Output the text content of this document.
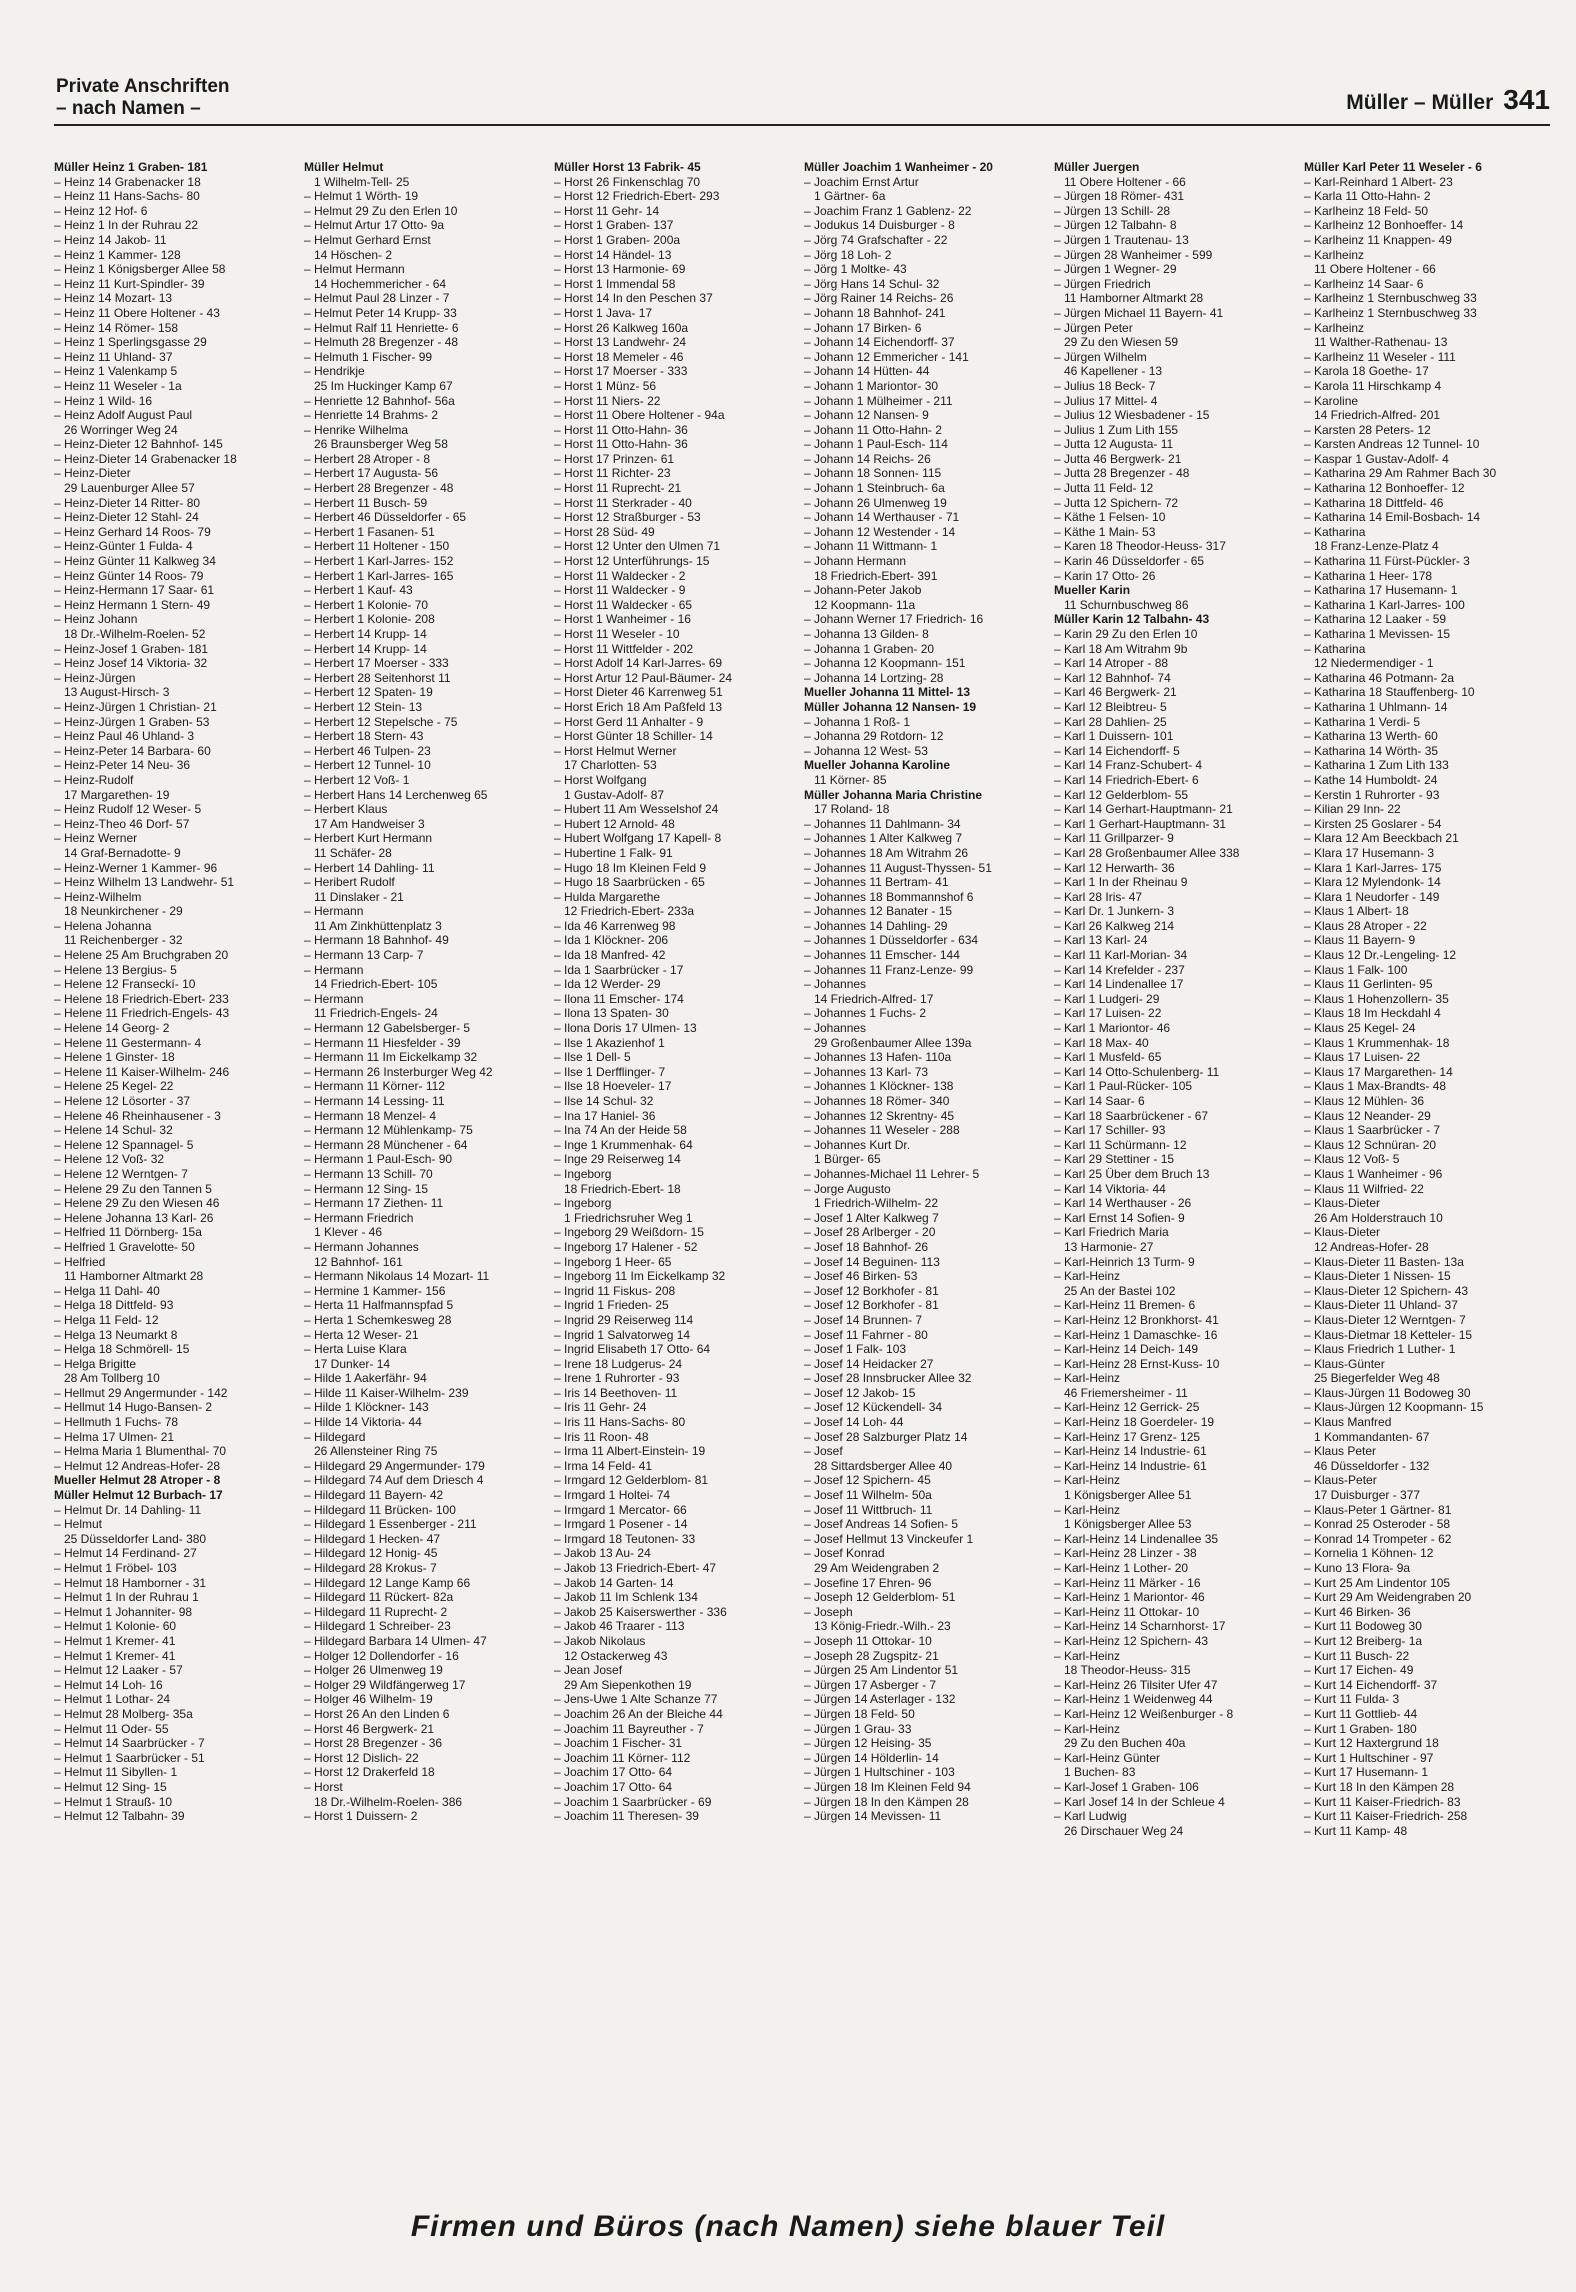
Private Anschriften
– nach Namen –	Müller – Müller 341
Müller Heinz 1 Graben- 181
– Heinz 14 Grabenacker 18
– Heinz 11 Hans-Sachs- 80
– Heinz 12 Hof- 6
– Heinz 1 In der Ruhrau 22
– Heinz 14 Jakob- 11
– Heinz 1 Kammer- 128
– Heinz 1 Königsberger Allee 58
– Heinz 11 Kurt-Spindler- 39
– Heinz 14 Mozart- 13
– Heinz 11 Obere Holtener - 43
– Heinz 14 Römer- 158
– Heinz 1 Sperlingsgasse 29
– Heinz 11 Uhland- 37
– Heinz 1 Valenkamp 5
– Heinz 11 Weseler - 1a
– Heinz 1 Wild- 16
– Heinz Adolf August Paul
26 Worringer Weg 24
– Heinz-Dieter 12 Bahnhof- 145
– Heinz-Dieter 14 Grabenacker 18
– Heinz-Dieter
29 Lauenburger Allee 57
– Heinz-Dieter 14 Ritter- 80
– Heinz-Dieter 12 Stahl- 24
– Heinz Gerhard 14 Roos- 79
– Heinz-Günter 1 Fulda- 4
– Heinz Günter 11 Kalkweg 34
– Heinz Günter 14 Roos- 79
– Heinz-Hermann 17 Saar- 61
– Heinz Hermann 1 Stern- 49
– Heinz Johann
18 Dr.-Wilhelm-Roelen- 52
– Heinz-Josef 1 Graben- 181
– Heinz Josef 14 Viktoria- 32
– Heinz-Jürgen
13 August-Hirsch- 3
– Heinz-Jürgen 1 Christian- 21
– Heinz-Jürgen 1 Graben- 53
– Heinz Paul 46 Uhland- 3
– Heinz-Peter 14 Barbara- 60
– Heinz-Peter 14 Neu- 36
– Heinz-Rudolf
17 Margarethen- 19
– Heinz Rudolf 12 Weser- 5
– Heinz-Theo 46 Dorf- 57
– Heinz Werner
14 Graf-Bernadotte- 9
– Heinz-Werner 1 Kammer- 96
– Heinz Wilhelm 13 Landwehr- 51
– Heinz-Wilhelm
18 Neunkirchener - 29
– Helena Johanna
11 Reichenberger - 32
– Helene 25 Am Bruchgraben 20
– Helene 13 Bergius- 5
– Helene 12 Franseckí- 10
– Helene 18 Friedrich-Ebert- 233
– Helene 11 Friedrich-Engels- 43
– Helene 14 Georg- 2
– Helene 11 Gestermann- 4
– Helene 1 Ginster- 18
– Helene 11 Kaiser-Wilhelm- 246
– Helene 25 Kegel- 22
– Helene 12 Lösorter - 37
– Helene 46 Rheinhausener - 3
– Helene 14 Schul- 32
– Helene 12 Spannagel- 5
– Helene 12 Voß- 32
– Helene 12 Werntgen- 7
– Helene 29 Zu den Tannen 5
– Helene 29 Zu den Wiesen 46
– Helene Johanna 13 Karl- 26
– Helfried 11 Dörnberg- 15a
– Helfried 1 Gravelotte- 50
– Helfried
11 Hamborner Altmarkt 28
– Helga 11 Dahl- 40
– Helga 18 Dittfeld- 93
– Helga 11 Feld- 12
– Helga 13 Neumarkt 8
– Helga 18 Schmörell- 15
– Helga Brigitte
28 Am Tollberg 10
– Hellmut 29 Angermunder - 142
– Hellmut 14 Hugo-Bansen- 2
– Hellmuth 1 Fuchs- 78
– Helma 17 Ulmen- 21
– Helma Maria 1 Blumenthal- 70
– Helmut 12 Andreas-Hofer- 28
Mueller Helmut 28 Atroper - 8
Müller Helmut 12 Burbach- 17
– Helmut Dr. 14 Dahling- 11
– Helmut
25 Düsseldorfer Land- 380
– Helmut 14 Ferdinand- 27
– Helmut 1 Fröbel- 103
– Helmut 18 Hamborner - 31
– Helmut 1 In der Ruhrau 1
– Helmut 1 Johanniter- 98
– Helmut 1 Kolonie- 60
– Helmut 1 Kremer- 41
– Helmut 1 Kremer- 41
– Helmut 12 Laaker - 57
– Helmut 14 Loh- 16
– Helmut 1 Lothar- 24
– Helmut 28 Molberg- 35a
– Helmut 11 Oder- 55
– Helmut 14 Saarbrücker - 7
– Helmut 1 Saarbrücker - 51
– Helmut 11 Sibyllen- 1
– Helmut 12 Sing- 15
– Helmut 1 Strauß- 10
– Helmut 12 Talbahn- 39
Müller Helmut
1 Wilhelm-Tell- 25
– Helmut 1 Wörth- 19
– Helmut 29 Zu den Erlen 10
– Helmut Artur 17 Otto- 9a
– Helmut Gerhard Ernst
14 Höschen- 2
– Helmut Hermann
14 Hochemmericher - 64
– Helmut Paul 28 Linzer - 7
– Helmut Peter 14 Krupp- 33
– Helmut Ralf 11 Henriette- 6
– Helmuth 28 Bregenzer - 48
– Helmuth 1 Fischer- 99
– Hendrikje
25 Im Huckinger Kamp 67
– Henriette 12 Bahnhof- 56a
– Henriette 14 Brahms- 2
– Henrike Wilhelma
26 Braunsberger Weg 58
– Herbert 28 Atroper - 8
– Herbert 17 Augusta- 56
– Herbert 28 Bregenzer - 48
– Herbert 11 Busch- 59
– Herbert 46 Düsseldorfer - 65
– Herbert 1 Fasanen- 51
– Herbert 11 Holtener - 150
– Herbert 1 Karl-Jarres- 152
– Herbert 1 Karl-Jarres- 165
– Herbert 1 Kauf- 43
– Herbert 1 Kolonie- 70
– Herbert 1 Kolonie- 208
– Herbert 14 Krupp- 14
– Herbert 14 Krupp- 14
– Herbert 17 Moerser - 333
– Herbert 28 Seitenhorst 11
– Herbert 12 Spaten- 19
– Herbert 12 Stein- 13
– Herbert 12 Stepelsche - 75
– Herbert 18 Stern- 43
– Herbert 46 Tulpen- 23
– Herbert 12 Tunnel- 10
– Herbert 12 Voß- 1
– Herbert Hans 14 Lerchenweg 65
– Herbert Klaus
17 Am Handweiser 3
– Herbert Kurt Hermann
11 Schäfer- 28
– Herbert 14 Dahling- 11
– Heribert Rudolf
11 Dinslaker - 21
– Hermann
11 Am Zinkhüttenplatz 3
– Hermann 18 Bahnhof- 49
– Hermann 13 Carp- 7
– Hermann
14 Friedrich-Ebert- 105
– Hermann
11 Friedrich-Engels- 24
– Hermann 12 Gabelsberger- 5
– Hermann 11 Hiesfelder - 39
– Hermann 11 Im Eickelkamp 32
– Hermann 26 Insterburger Weg 42
– Hermann 11 Körner- 112
– Hermann 14 Lessing- 11
– Hermann 18 Menzel- 4
– Hermann 12 Mühlenkamp- 75
– Hermann 28 Münchener - 64
– Hermann 1 Paul-Esch- 90
– Hermann 13 Schill- 70
– Hermann 12 Sing- 15
– Hermann 17 Ziethen- 11
– Hermann Friedrich
1 Klever - 46
– Hermann Johannes
12 Bahnhof- 161
– Hermann Nikolaus 14 Mozart- 11
– Hermine 1 Kammer- 156
– Herta 11 Halfmannspfad 5
– Herta 1 Schemkesweg 28
– Herta 12 Weser- 21
– Herta Luise Klara
17 Dunker- 14
– Hilde 1 Aakerfähr- 94
– Hilde 11 Kaiser-Wilhelm- 239
– Hilde 1 Klöckner- 143
– Hilde 14 Viktoria- 44
– Hildegard
26 Allensteiner Ring 75
– Hildegard 29 Angermunder- 179
– Hildegard 74 Auf dem Driesch 4
– Hildegard 11 Bayern- 42
– Hildegard 11 Brücken- 100
– Hildegard 1 Essenberger - 211
– Hildegard 1 Hecken- 47
– Hildegard 12 Honig- 45
– Hildegard 28 Krokus- 7
– Hildegard 12 Lange Kamp 66
– Hildegard 11 Rückert- 82a
– Hildegard 11 Ruprecht- 2
– Hildegard 1 Schreiber- 23
– Hildegard Barbara 14 Ulmen- 47
– Holger 12 Dollendorfer - 16
– Holger 26 Ulmenweg 19
– Holger 29 Wildfängerweg 17
– Holger 46 Wilhelm- 19
– Horst 26 An den Linden 6
– Horst 46 Bergwerk- 21
– Horst 28 Bregenzer - 36
– Horst 12 Dislich- 22
– Horst 12 Drakerfeld 18
– Horst
18 Dr.-Wilhelm-Roelen- 386
– Horst 1 Duissern- 2
Müller Horst 13 Fabrik- 45
– Horst 26 Finkenschlag 70
– Horst 12 Friedrich-Ebert- 293
– Horst 11 Gehr- 14
– Horst 1 Graben- 137
– Horst 1 Graben- 200a
– Horst 14 Händel- 13
– Horst 13 Harmonie- 69
– Horst 1 Immendal 58
– Horst 14 In den Peschen 37
– Horst 1 Java- 17
– Horst 26 Kalkweg 160a
– Horst 13 Landwehr- 24
– Horst 18 Memeler - 46
– Horst 17 Moerser - 333
– Horst 1 Münz- 56
– Horst 11 Niers- 22
– Horst 11 Obere Holtener - 94a
– Horst 11 Otto-Hahn- 36
– Horst 11 Otto-Hahn- 36
– Horst 17 Prinzen- 61
– Horst 11 Richter- 23
– Horst 11 Ruprecht- 21
– Horst 11 Sterkrader - 40
– Horst 12 Straßburger - 53
– Horst 28 Süd- 49
– Horst 12 Unter den Ulmen 71
– Horst 12 Unterführungs- 15
– Horst 11 Waldecker - 2
– Horst 11 Waldecker - 9
– Horst 11 Waldecker - 65
– Horst 1 Wanheimer - 16
– Horst 11 Weseler - 10
– Horst 11 Wittfelder - 202
– Horst Adolf 14 Karl-Jarres- 69
– Horst Artur 12 Paul-Bäumer- 24
– Horst Dieter 46 Karrenweg 51
– Horst Erich 18 Am Paßfeld 13
– Horst Gerd 11 Anhalter - 9
– Horst Günter 18 Schiller- 14
– Horst Helmut Werner
17 Charlotten- 53
– Horst Wolfgang
1 Gustav-Adolf- 87
– Hubert 11 Am Wesselshof 24
– Hubert 12 Arnold- 48
– Hubert Wolfgang 17 Kapell- 8
– Hubertine 1 Falk- 91
– Hugo 18 Im Kleinen Feld 9
– Hugo 18 Saarbrücken - 65
– Hulda Margarethe
12 Friedrich-Ebert- 233a
– Ida 46 Karrenweg 98
– Ida 1 Klöckner- 206
– Ida 18 Manfred- 42
– Ida 1 Saarbrücker - 17
– Ida 12 Werder- 29
– Ilona 11 Emscher- 174
– Ilona 13 Spaten- 30
– Ilona Doris 17 Ulmen- 13
– Ilse 1 Akazienhof 1
– Ilse 1 Dell- 5
– Ilse 1 Derfflinger- 7
– Ilse 18 Hoeveler- 17
– Ilse 14 Schul- 32
– Ina 17 Haniel- 36
– Ina 74 An der Heide 58
– Inge 1 Krummenhak- 64
– Inge 29 Reiserweg 14
– Ingeborg
18 Friedrich-Ebert- 18
– Ingeborg
1 Friedrichsruher Weg 1
– Ingeborg 29 Weißdorn- 15
– Ingeborg 17 Halener - 52
– Ingeborg 1 Heer- 65
– Ingeborg 11 Im Eickelkamp 32
– Ingrid 11 Fiskus- 208
– Ingrid 1 Frieden- 25
– Ingrid 29 Reiserweg 114
– Ingrid 1 Salvatorweg 14
– Ingrid Elisabeth 17 Otto- 64
– Irene 18 Ludgerus- 24
– Irene 1 Ruhrorter - 93
– Iris 14 Beethoven- 11
– Iris 11 Gehr- 24
– Iris 11 Hans-Sachs- 80
– Iris 11 Roon- 48
– Irma 11 Albert-Einstein- 19
– Irma 14 Feld- 41
– Irmgard 12 Gelderblom- 81
– Irmgard 1 Holtei- 74
– Irmgard 1 Mercator- 66
– Irmgard 1 Posener - 14
– Irmgard 18 Teutonen- 33
– Jakob 13 Au- 24
– Jakob 13 Friedrich-Ebert- 47
– Jakob 14 Garten- 14
– Jakob 11 Im Schlenk 134
– Jakob 25 Kaiserswerther - 336
– Jakob 46 Traarer - 113
– Jakob Nikolaus
12 Ostackerweg 43
– Jean Josef
29 Am Siepenkothen 19
– Jens-Uwe 1 Alte Schanze 77
– Joachim 26 An der Bleiche 44
– Joachim 11 Bayreuther - 7
– Joachim 1 Fischer- 31
– Joachim 11 Körner- 112
– Joachim 17 Otto- 64
– Joachim 17 Otto- 64
– Joachim 1 Saarbrücker - 69
– Joachim 11 Theresen- 39
Müller Joachim 1 Wanheimer - 20
– Joachim Ernst Artur
1 Gärtner- 6a
– Joachim Franz 1 Gablenz- 22
– Jodukus 14 Duisburger - 8
– Jörg 74 Grafschafter - 22
– Jörg 18 Loh- 2
– Jörg 1 Moltke- 43
– Jörg Hans 14 Schul- 32
– Jörg Rainer 14 Reichs- 26
– Johann 18 Bahnhof- 241
– Johann 17 Birken- 6
– Johann 14 Eichendorff- 37
– Johann 12 Emmericher - 141
– Johann 14 Hütten- 44
– Johann 1 Mariontor- 30
– Johann 1 Mülheimer - 211
– Johann 12 Nansen- 9
– Johann 11 Otto-Hahn- 2
– Johann 1 Paul-Esch- 114
– Johann 14 Reichs- 26
– Johann 18 Sonnen- 115
– Johann 1 Steinbruch- 6a
– Johann 26 Ulmenweg 19
– Johann 14 Werthauser - 71
– Johann 12 Westender - 14
– Johann 11 Wittmann- 1
– Johann Hermann
18 Friedrich-Ebert- 391
– Johann-Peter Jakob
12 Koopmann- 11a
– Johann Werner 17 Friedrich- 16
– Johanna 13 Gilden- 8
– Johanna 1 Graben- 20
– Johanna 12 Koopmann- 151
– Johanna 14 Lortzing- 28
Mueller Johanna 11 Mittel- 13
Müller Johanna 12 Nansen- 19
– Johanna 1 Roß- 1
– Johanna 29 Rotdorn- 12
– Johanna 12 West- 53
Mueller Johanna Karoline
11 Körner- 85
Müller Johanna Maria Christine
17 Roland- 18
– Johannes 11 Dahlmann- 34
– Johannes 1 Alter Kalkweg 7
– Johannes 18 Am Witrahm 26
– Johannes 11 August-Thyssen- 51
– Johannes 11 Bertram- 41
– Johannes 18 Bommannshof 6
– Johannes 12 Banater - 15
– Johannes 14 Dahling- 29
– Johannes 1 Düsseldorfer - 634
– Johannes 11 Emscher- 144
– Johannes 11 Franz-Lenze- 99
– Johannes
14 Friedrich-Alfred- 17
– Johannes 1 Fuchs- 2
– Johannes
29 Großenbaumer Allee 139a
– Johannes 13 Hafen- 110a
– Johannes 13 Karl- 73
– Johannes 1 Klöckner- 138
– Johannes 18 Römer- 340
– Johannes 12 Skrentny- 45
– Johannes 11 Weseler - 288
– Johannes Kurt Dr.
1 Bürger- 65
– Johannes-Michael 11 Lehrer- 5
– Jorge Augusto
1 Friedrich-Wilhelm- 22
– Josef 1 Alter Kalkweg 7
– Josef 28 Arlberger - 20
– Josef 18 Bahnhof- 26
– Josef 14 Beguinen- 113
– Josef 46 Birken- 53
– Josef 12 Borkhofer - 81
– Josef 12 Borkhofer - 81
– Josef 14 Brunnen- 7
– Josef 11 Fahrner - 80
– Josef 1 Falk- 103
– Josef 14 Heidacker 27
– Josef 28 Innsbrucker Allee 32
– Josef 12 Jakob- 15
– Josef 12 Kückendell- 34
– Josef 14 Loh- 44
– Josef 28 Salzburger Platz 14
– Josef
28 Sittardsberger Allee 40
– Josef 12 Spichern- 45
– Josef 11 Wilhelm- 50a
– Josef 11 Wittbruch- 11
– Josef Andreas 14 Sofien- 5
– Josef Hellmut 13 Vinckeufer 1
– Josef Konrad
29 Am Weidengraben 2
– Josefine 17 Ehren- 96
– Joseph 12 Gelderblom- 51
– Joseph
13 König-Friedr.-Wilh.- 23
– Joseph 11 Ottokar- 10
– Joseph 28 Zugspitz- 21
– Jürgen 25 Am Lindentor 51
– Jürgen 17 Asberger - 7
– Jürgen 14 Asterlager - 132
– Jürgen 18 Feld- 50
– Jürgen 1 Grau- 33
– Jürgen 12 Heising- 35
– Jürgen 14 Hölderlin- 14
– Jürgen 1 Hultschiner - 103
– Jürgen 18 Im Kleinen Feld 94
– Jürgen 18 In den Kämpen 28
– Jürgen 14 Mevissen- 11
Müller Juergen
11 Obere Holtener - 66
– Jürgen 18 Römer- 431
– Jürgen 13 Schill- 28
– Jürgen 12 Talbahn- 8
– Jürgen 1 Trautenau- 13
– Jürgen 28 Wanheimer - 599
– Jürgen 1 Wegner- 29
– Jürgen Friedrich
11 Hamborner Altmarkt 28
– Jürgen Michael 11 Bayern- 41
– Jürgen Peter
29 Zu den Wiesen 59
– Jürgen Wilhelm
46 Kapellener - 13
– Julius 18 Beck- 7
– Julius 17 Mittel- 4
– Julius 12 Wiesbadener - 15
– Julius 1 Zum Lith 155
– Jutta 12 Augusta- 11
– Jutta 46 Bergwerk- 21
– Jutta 28 Bregenzer - 48
– Jutta 11 Feld- 12
– Jutta 12 Spichern- 72
– Käthe 1 Felsen- 10
– Käthe 1 Main- 53
– Karen 18 Theodor-Heuss- 317
– Karin 46 Düsseldorfer - 65
– Karin 17 Otto- 26
Mueller Karin
11 Schurnbuschweg 86
Müller Karin 12 Talbahn- 43
– Karin 29 Zu den Erlen 10
– Karl 18 Am Witrahm 9b
– Karl 14 Atroper - 88
– Karl 12 Bahnhof- 74
– Karl 46 Bergwerk- 21
– Karl 12 Bleibtreu- 5
– Karl 28 Dahlien- 25
– Karl 1 Duissern- 101
– Karl 14 Eichendorff- 5
– Karl 14 Franz-Schubert- 4
– Karl 14 Friedrich-Ebert- 6
– Karl 12 Gelderblom- 55
– Karl 14 Gerhart-Hauptmann- 21
– Karl 1 Gerhart-Hauptmann- 31
– Karl 11 Grillparzer- 9
– Karl 28 Großenbaumer Allee 338
– Karl 12 Herwarth- 36
– Karl 1 In der Rheinau 9
– Karl 28 Iris- 47
– Karl Dr. 1 Junkern- 3
– Karl 26 Kalkweg 214
– Karl 13 Karl- 24
– Karl 11 Karl-Morian- 34
– Karl 14 Krefelder - 237
– Karl 14 Lindenallee 17
– Karl 1 Ludgeri- 29
– Karl 17 Luisen- 22
– Karl 1 Mariontor- 46
– Karl 18 Max- 40
– Karl 1 Musfeld- 65
– Karl 14 Otto-Schulenberg- 11
– Karl 1 Paul-Rücker- 105
– Karl 14 Saar- 6
– Karl 18 Saarbrückener - 67
– Karl 17 Schiller- 93
– Karl 11 Schürmann- 12
– Karl 29 Stettiner - 15
– Karl 25 Über dem Bruch 13
– Karl 14 Viktoria- 44
– Karl 14 Werthauser - 26
– Karl Ernst 14 Sofien- 9
– Karl Friedrich Maria
13 Harmonie- 27
– Karl-Heinrich 13 Turm- 9
– Karl-Heinz
25 An der Bastei 102
– Karl-Heinz 11 Bremen- 6
– Karl-Heinz 12 Bronkhorst- 41
– Karl-Heinz 1 Damaschke- 16
– Karl-Heinz 14 Deich- 149
– Karl-Heinz 28 Ernst-Kuss- 10
– Karl-Heinz
46 Friemersheimer - 11
– Karl-Heinz 12 Gerrick- 25
– Karl-Heinz 18 Goerdeler- 19
– Karl-Heinz 17 Grenz- 125
– Karl-Heinz 14 Industrie- 61
– Karl-Heinz 14 Industrie- 61
– Karl-Heinz
1 Königsberger Allee 51
– Karl-Heinz
1 Königsberger Allee 53
– Karl-Heinz 14 Lindenallee 35
– Karl-Heinz 28 Linzer - 38
– Karl-Heinz 1 Lother- 20
– Karl-Heinz 11 Märker - 16
– Karl-Heinz 1 Mariontor- 46
– Karl-Heinz 11 Ottokar- 10
– Karl-Heinz 14 Scharnhorst- 17
– Karl-Heinz 12 Spichern- 43
– Karl-Heinz
18 Theodor-Heuss- 315
– Karl-Heinz 26 Tilsiter Ufer 47
– Karl-Heinz 1 Weidenweg 44
– Karl-Heinz 12 Weißenburger - 8
– Karl-Heinz
29 Zu den Buchen 40a
– Karl-Heinz Günter
1 Buchen- 83
– Karl-Josef 1 Graben- 106
– Karl Josef 14 In der Schleue 4
– Karl Ludwig
26 Dirschauer Weg 24
Müller Karl Peter 11 Weseler - 6
– Karl-Reinhard 1 Albert- 23
– Karla 11 Otto-Hahn- 2
– Karlheinz 18 Feld- 50
– Karlheinz 12 Bonhoeffer- 14
– Karlheinz 11 Knappen- 49
– Karlheinz
11 Obere Holtener - 66
– Karlheinz 14 Saar- 6
– Karlheinz 1 Sternbuschweg 33
– Karlheinz 1 Sternbuschweg 33
– Karlheinz
11 Walther-Rathenau- 13
– Karlheinz 11 Weseler - 111
– Karola 18 Goethe- 17
– Karola 11 Hirschkamp 4
– Karoline
14 Friedrich-Alfred- 201
– Karsten 28 Peters- 12
– Karsten Andreas 12 Tunnel- 10
– Kaspar 1 Gustav-Adolf- 4
– Katharina 29 Am Rahmer Bach 30
– Katharina 12 Bonhoeffer- 12
– Katharina 18 Dittfeld- 46
– Katharina 14 Emil-Bosbach- 14
– Katharina
18 Franz-Lenze-Platz 4
– Katharina 11 Fürst-Pückler- 3
– Katharina 1 Heer- 178
– Katharina 17 Husemann- 1
– Katharina 1 Karl-Jarres- 100
– Katharina 12 Laaker - 59
– Katharina 1 Mevissen- 15
– Katharina
12 Niedermendiger - 1
– Katharina 46 Potmann- 2a
– Katharina 18 Stauffenberg- 10
– Katharina 1 Uhlmann- 14
– Katharina 1 Verdi- 5
– Katharina 13 Werth- 60
– Katharina 14 Wörth- 35
– Katharina 1 Zum Lith 133
– Kathe 14 Humboldt- 24
– Kerstin 1 Ruhrorter - 93
– Kilian 29 Inn- 22
– Kirsten 25 Goslarer - 54
– Klara 12 Am Beeckbach 21
– Klara 17 Husemann- 3
– Klara 1 Karl-Jarres- 175
– Klara 12 Mylendonk- 14
– Klara 1 Neudorfer - 149
– Klaus 1 Albert- 18
– Klaus 28 Atroper - 22
– Klaus 11 Bayern- 9
– Klaus 12 Dr.-Lengeling- 12
– Klaus 1 Falk- 100
– Klaus 11 Gerlinten- 95
– Klaus 1 Hohenzollern- 35
– Klaus 18 Im Heckdahl 4
– Klaus 25 Kegel- 24
– Klaus 1 Krummenhak- 18
– Klaus 17 Luisen- 22
– Klaus 17 Margarethen- 14
– Klaus 1 Max-Brandts- 48
– Klaus 12 Mühlen- 36
– Klaus 12 Neander- 29
– Klaus 1 Saarbrücker - 7
– Klaus 12 Schnüran- 20
– Klaus 12 Voß- 5
– Klaus 1 Wanheimer - 96
– Klaus 11 Wilfried- 22
– Klaus-Dieter
26 Am Holderstrauch 10
– Klaus-Dieter
12 Andreas-Hofer- 28
– Klaus-Dieter 11 Basten- 13a
– Klaus-Dieter 1 Nissen- 15
– Klaus-Dieter 12 Spichern- 43
– Klaus-Dieter 11 Uhland- 37
– Klaus-Dieter 12 Werntgen- 7
– Klaus-Dietmar 18 Ketteler- 15
– Klaus Friedrich 1 Luther- 1
– Klaus-Günter
25 Biegerfelder Weg 48
– Klaus-Jürgen 11 Bodoweg 30
– Klaus-Jürgen 12 Koopmann- 15
– Klaus Manfred
1 Kommandanten- 67
– Klaus Peter
46 Düsseldorfer - 132
– Klaus-Peter
17 Duisburger - 377
– Klaus-Peter 1 Gärtner- 81
– Konrad 25 Osteroder - 58
– Konrad 14 Trompeter - 62
– Kornelia 1 Köhnen- 12
– Kuno 13 Flora- 9a
– Kurt 25 Am Lindentor 105
– Kurt 29 Am Weidengraben 20
– Kurt 46 Birken- 36
– Kurt 11 Bodoweg 30
– Kurt 12 Breiberg- 1a
– Kurt 11 Busch- 22
– Kurt 17 Eichen- 49
– Kurt 14 Eichendorff- 37
– Kurt 11 Fulda- 3
– Kurt 11 Gottlieb- 44
– Kurt 1 Graben- 180
– Kurt 12 Haxtergrund 18
– Kurt 1 Hultschiner - 97
– Kurt 17 Husemann- 1
– Kurt 18 In den Kämpen 28
– Kurt 11 Kaiser-Friedrich- 83
– Kurt 11 Kaiser-Friedrich- 258
– Kurt 11 Kamp- 48
Firmen und Büros (nach Namen) siehe blauer Teil
